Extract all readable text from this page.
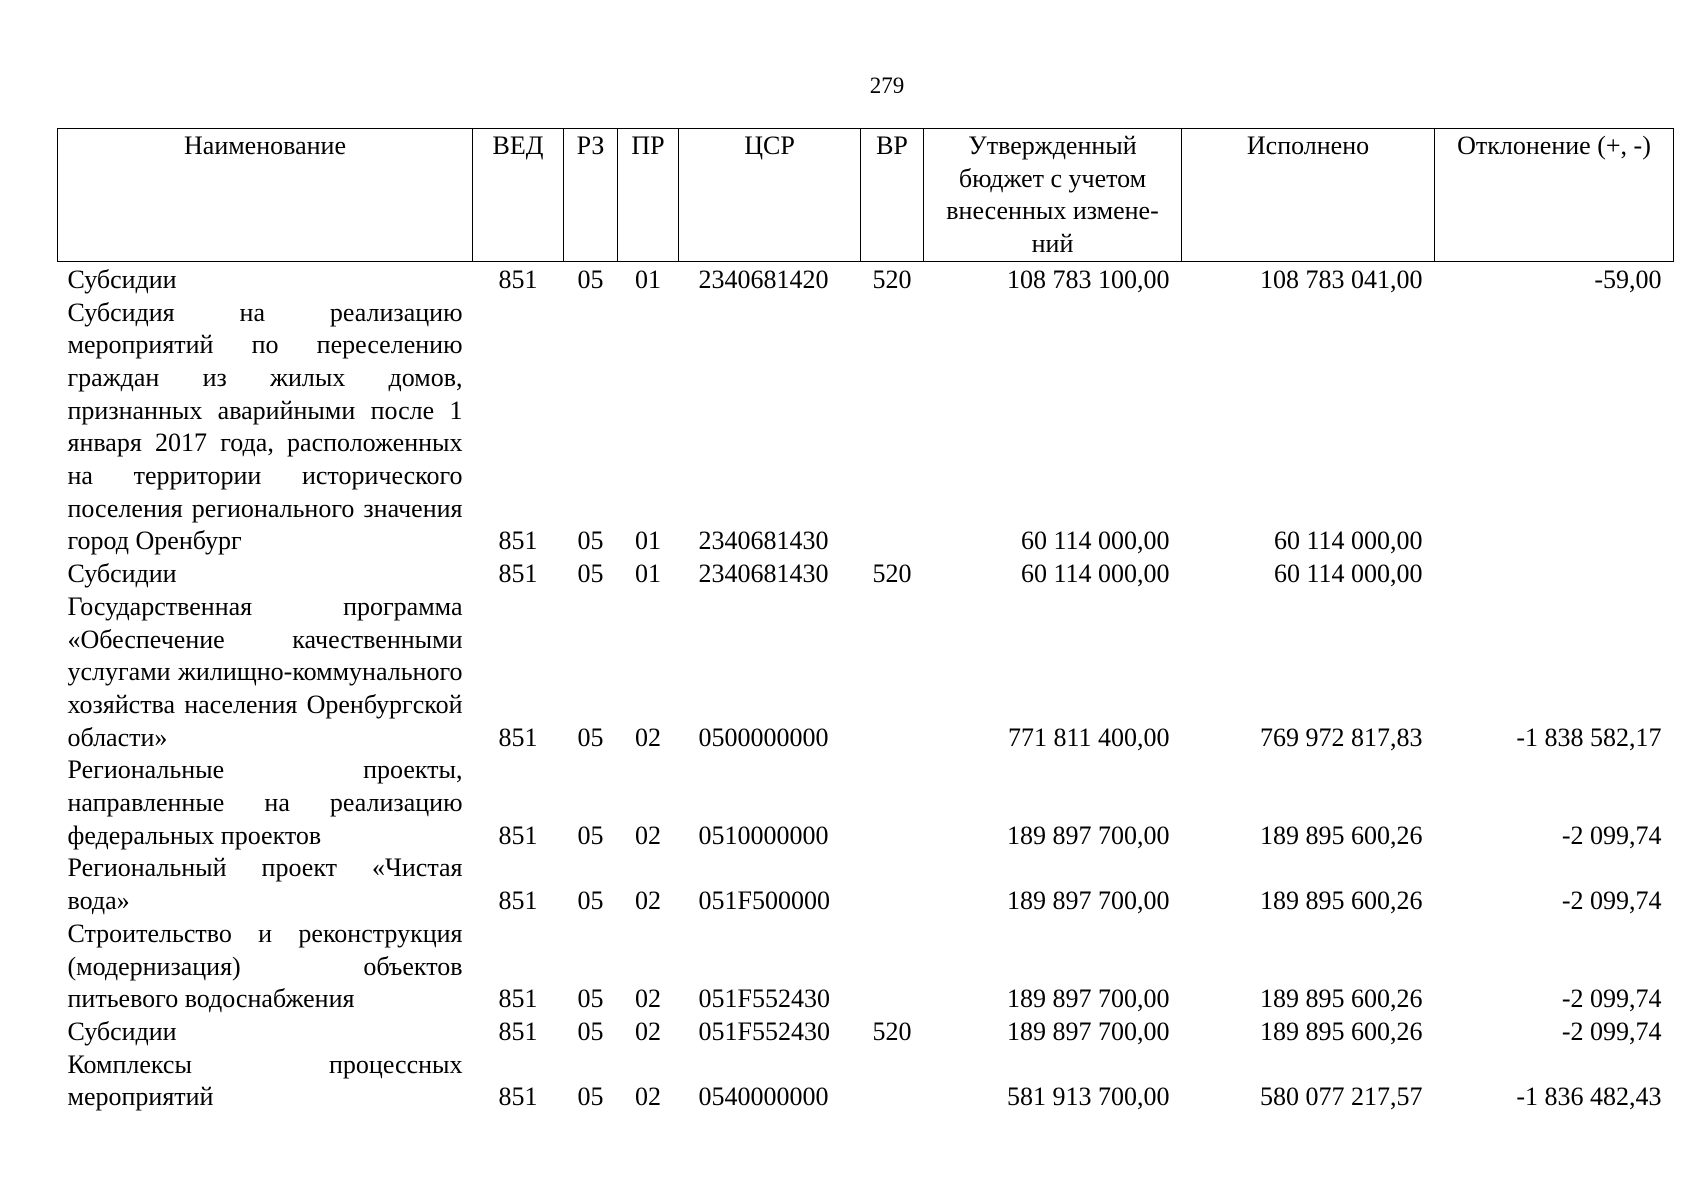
279
Наименование	ВЕД	РЗ	ПР	ЦСР	ВР	Утвержденный бюджет с учетом внесенных измене-ний	Исполнено	Отклонение (+, -)

Субсидии	851	05	01	2340681420	520	108 783 100,00	108 783 041,00	-59,00

Субсидия на реализацию мероприятий по переселению граждан из жилых домов, признанных аварийными после 1 января 2017 года, расположенных на территории исторического поселения регионального значения город Оренбург	851	05	01	2340681430		60 114 000,00	60 114 000,00	

Субсидии	851	05	01	2340681430	520	60 114 000,00	60 114 000,00	

Государственная программа «Обеспечение качественными услугами жилищно-коммунального хозяйства населения Оренбургской области»	851	05	02	0500000000		771 811 400,00	769 972 817,83	-1 838 582,17

Региональные проекты, направленные на реализацию федеральных проектов	851	05	02	0510000000		189 897 700,00	189 895 600,26	-2 099,74

Региональный проект «Чистая вода»	851	05	02	051F500000		189 897 700,00	189 895 600,26	-2 099,74

Строительство и реконструкция (модернизация) объектов питьевого водоснабжения	851	05	02	051F552430		189 897 700,00	189 895 600,26	-2 099,74

Субсидии	851	05	02	051F552430	520	189 897 700,00	189 895 600,26	-2 099,74

Комплексы процессных мероприятий	851	05	02	0540000000		581 913 700,00	580 077 217,57	-1 836 482,43
